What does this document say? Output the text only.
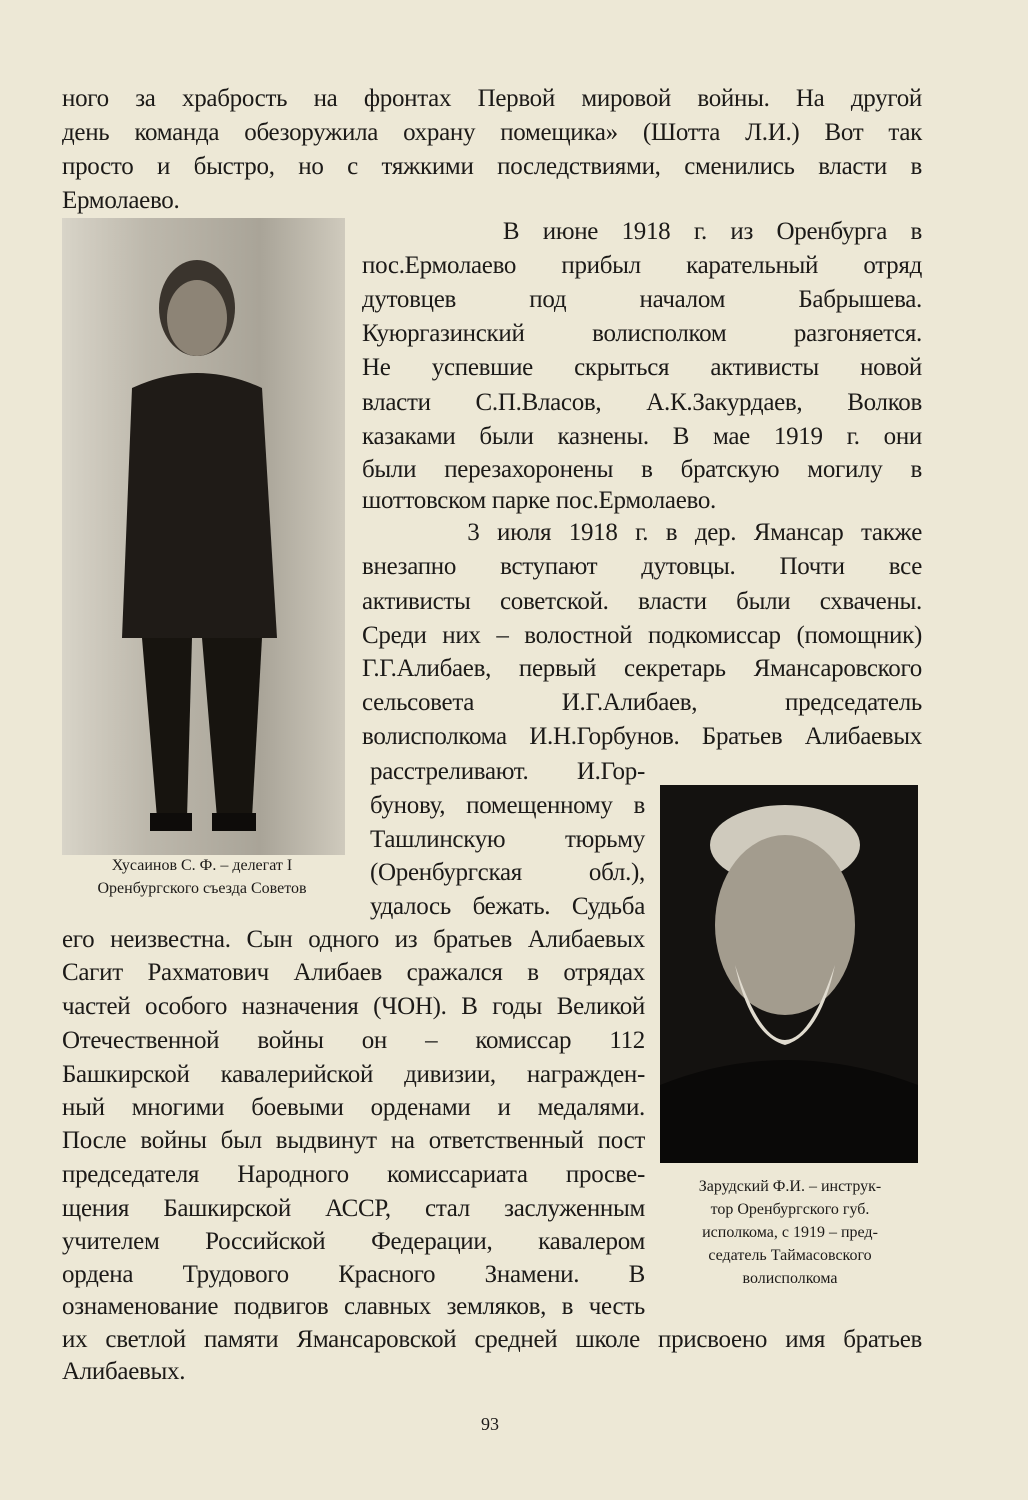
ного за храбрость на фронтах Первой мировой войны. На другой
день команда обезоружила охрану помещика» (Шотта Л.И.) Вот так
просто и быстро, но с тяжкими последствиями, сменились власти в
Ермолаево.
В июне 1918 г. из Оренбурга в
пос.Ермолаево прибыл карательный отряд
дутовцев под началом Бабрышева.
Куюргазинский волисполком разгоняется.
Не успевшие скрыться активисты новой
власти С.П.Власов, А.К.Закурдаев, Волков
казаками были казнены. В мае 1919 г. они
были перезахоронены в братскую могилу в
шоттовском парке пос.Ермолаево.
3 июля 1918 г. в дер. Ямансар также
внезапно вступают дутовцы. Почти все
активисты советской. власти были схвачены.
Среди них – волостной подкомиссар (помощник)
Г.Г.Алибаев, первый секретарь Ямансаровского
сельсовета И.Г.Алибаев, председатель
волисполкома И.Н.Горбунов. Братьев Алибаевых
расстреливают. И.Гор-
бунову, помещенному в
Ташлинскую тюрьму
(Оренбургская обл.),
удалось бежать. Судьба
его неизвестна. Сын одного из братьев Алибаевых
Сагит Рахматович Алибаев сражался в отрядах
частей особого назначения (ЧОН). В годы Великой
Отечественной войны он – комиссар 112
Башкирской кавалерийской дивизии, награжден-
ный многими боевыми орденами и медалями.
После войны был выдвинут на ответственный пост
председателя Народного комиссариата просве-
щения Башкирской АССР, стал заслуженным
учителем Российской Федерации, кавалером
ордена Трудового Красного Знамени. В
ознаменование подвигов славных земляков, в честь
их светлой памяти Ямансаровской средней школе присвоено имя братьев
Алибаевых.
Хусаинов С. Ф. – делегат I
Оренбургского съезда Советов
Зарудский Ф.И. – инструк-
тор Оренбургского губ.
исполкома, с 1919 – пред-
седатель Таймасовского
волисполкома
93
